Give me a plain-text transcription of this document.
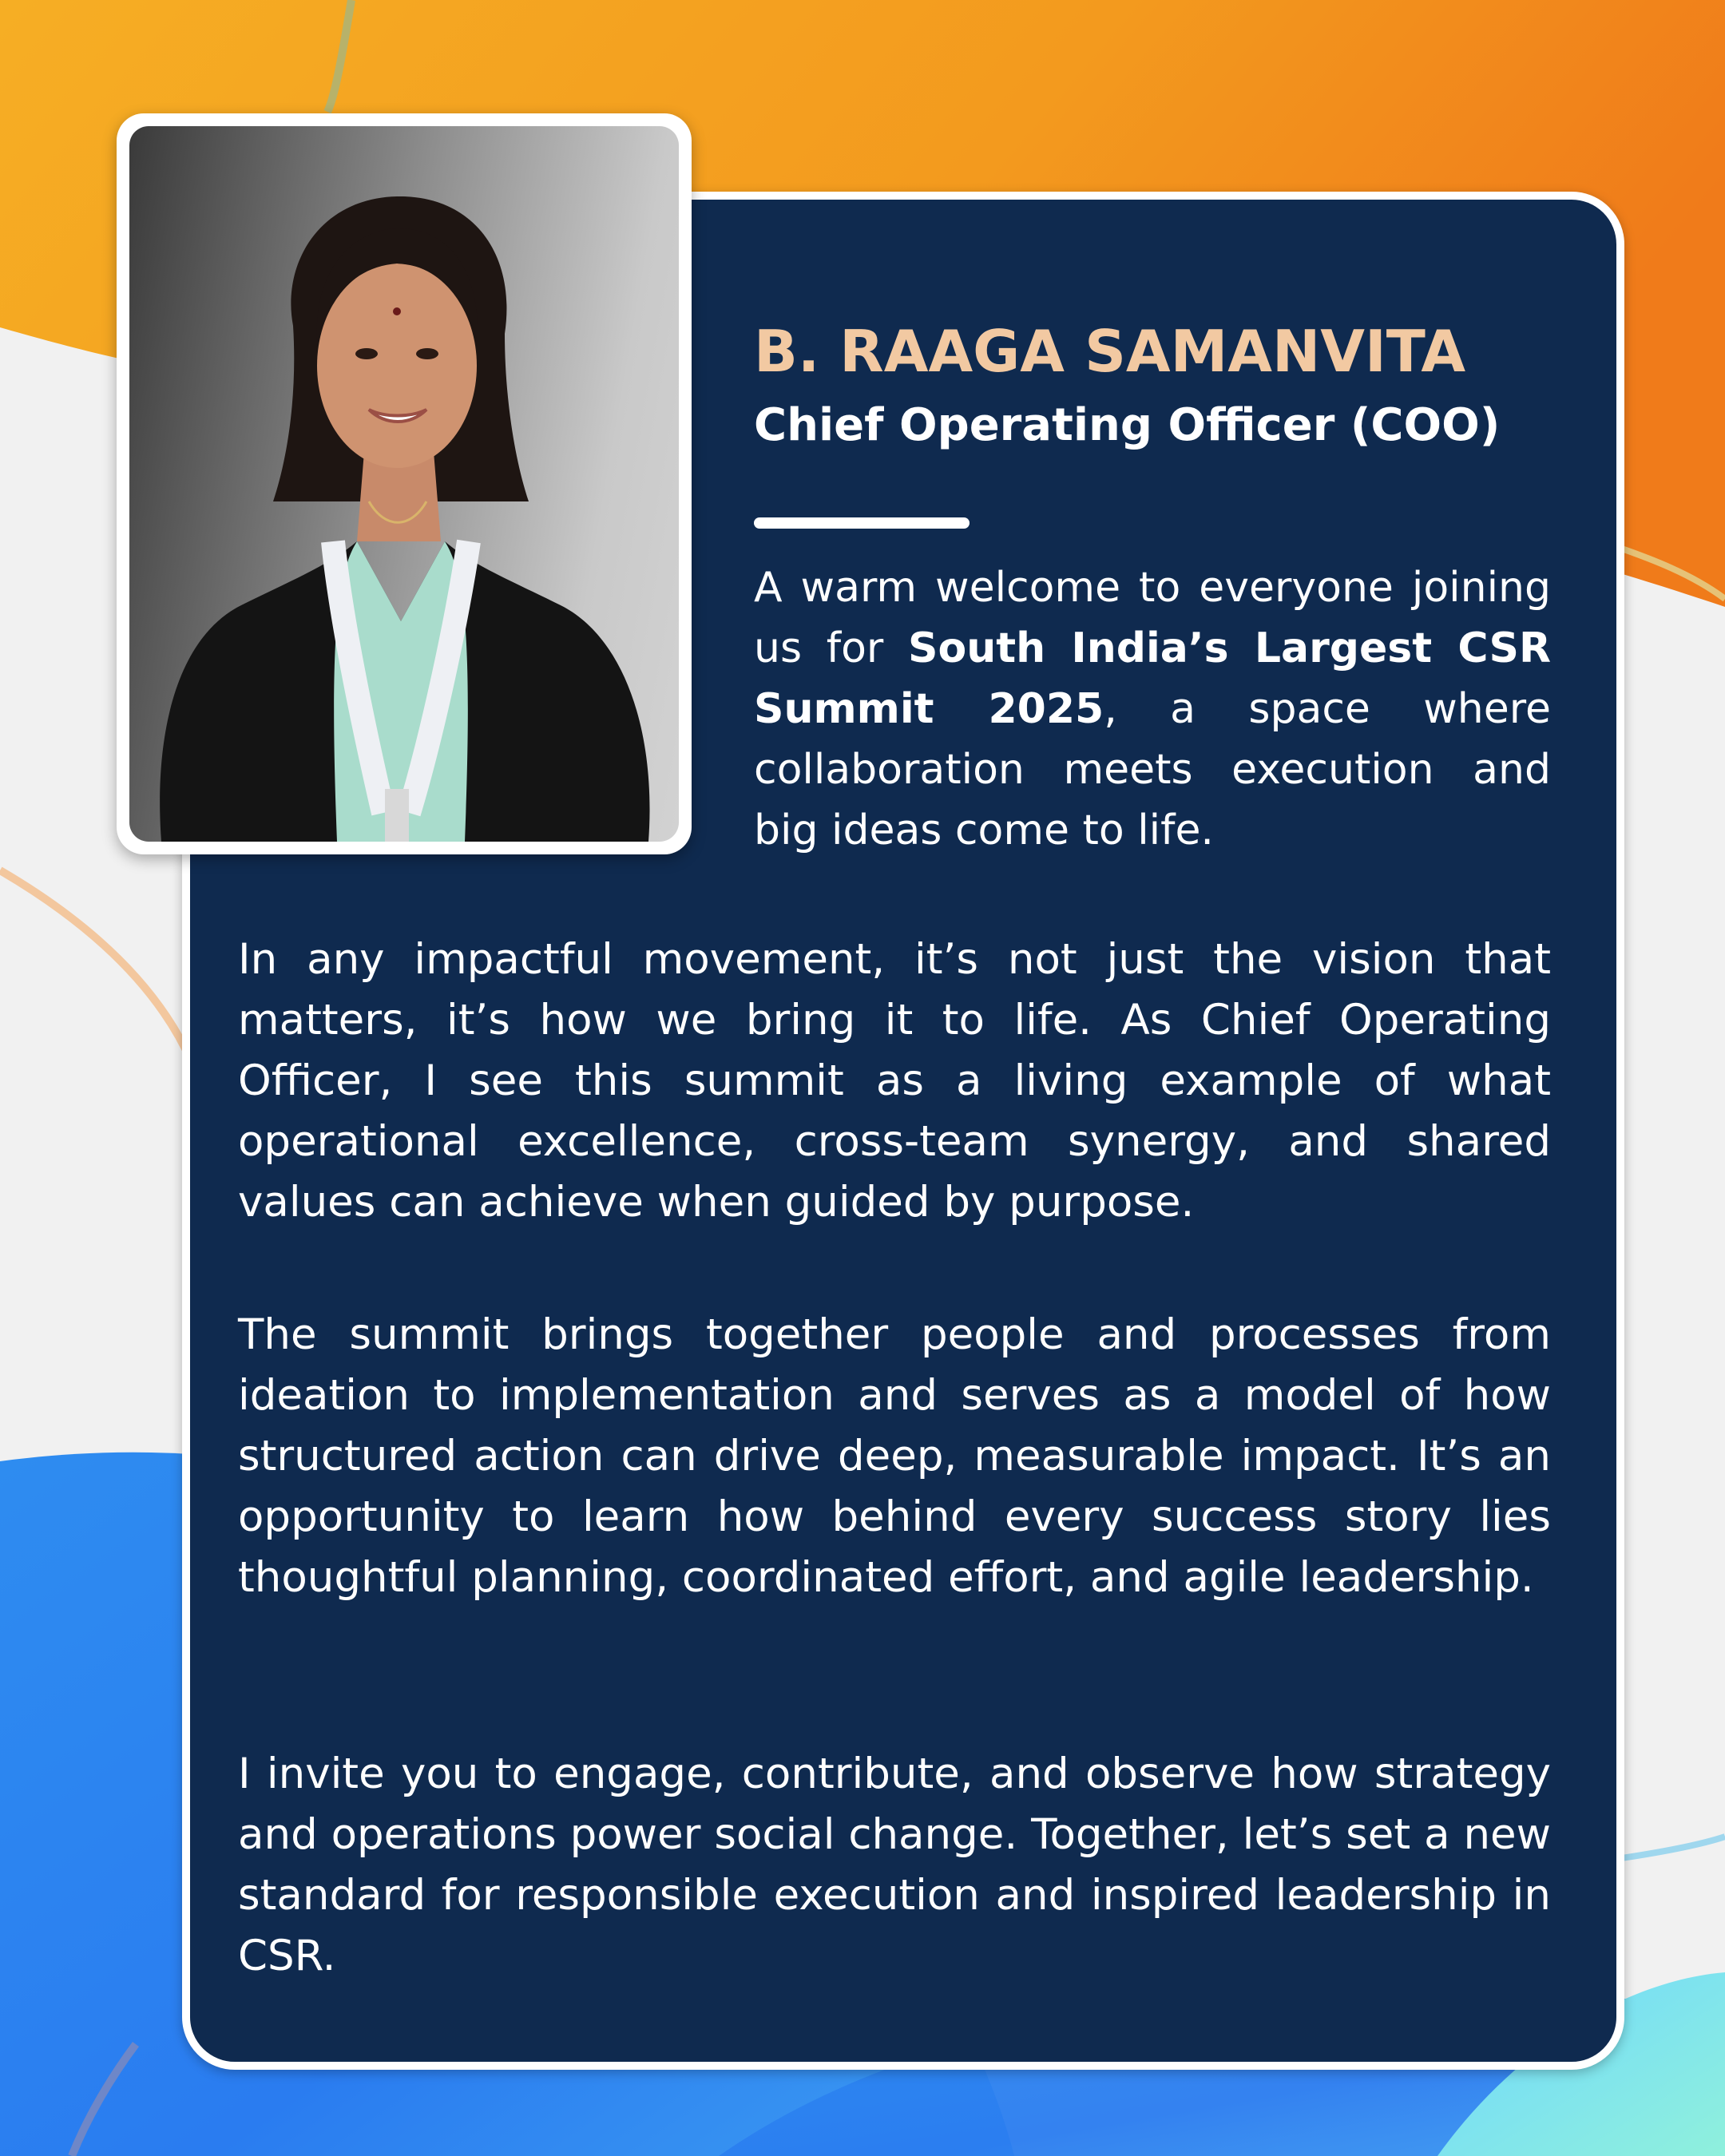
B. RAAGA SAMANVITA
Chief Operating Officer (COO)

A warm welcome to everyone joining us for South India’s Largest CSR Summit 2025, a space where collaboration meets execution and big ideas come to life.

In any impactful movement, it’s not just the vision that matters, it’s how we bring it to life. As Chief Operating Officer, I see this summit as a living example of what operational excellence, cross-team synergy, and shared values can achieve when guided by purpose.

The summit brings together people and processes from ideation to implementation and serves as a model of how structured action can drive deep, measurable impact. It’s an opportunity to learn how behind every success story lies thoughtful planning, coordinated effort, and agile leadership.

I invite you to engage, contribute, and observe how strategy and operations power social change. Together, let’s set a new standard for responsible execution and inspired leadership in CSR.
